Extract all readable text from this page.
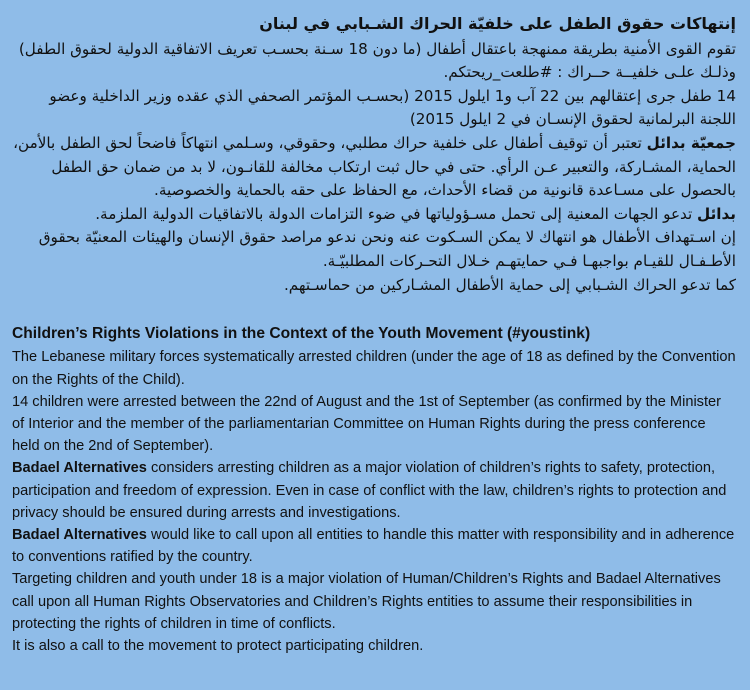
إنتهاكات حقوق الطفل على خلفيّة الحراك الشـبابي في لبنان

تقوم القوى الأمنية بطريقة ممنهجة باعتقال أطفال (ما دون 18 سـنة بحسـب تعريف الاتفاقية الدولية لحقوق الطفل) وذلـك علـى خلفيــة حــراك : #طلعت_ريحتكم.

14 طفل جرى إعتقالهم بين 22 آب و1 ايلول 2015 (بحسـب المؤتمر الصحفي الذي عقده وزير الداخلية وعضو اللجنة البرلمانية لحقوق الإنسـان في 2 ايلول 2015)

جمعيّة بدائل تعتبر أن توقيف أطفال على خلفية حراك مطلبي، وحقوقي، وسـلمي انتهاكاً فاضحاً لحق الطفل بالأمن، الحماية، المشـاركة، والتعبير عـن الرأي. حتى في حال ثبت ارتكاب مخالفة للقانـون، لا بد من ضمان حق الطفل بالحصول على مسـاعدة قانونية من قضاء الأحداث، مع الحفاظ على حقه بالحماية والخصوصية.

بدائل تدعو الجهات المعنية إلى تحمل مسـؤولياتها في ضوء التزامات الدولة بالاتفاقيات الدولية الملزمة.

إن اسـتهداف الأطفال هو انتهاك لا يمكن السـكوت عنه ونحن ندعو مراصد حقوق الإنسان والهيئات المعنيّة بحقوق الأطـفـال للقيـام بواجبهـا فـي حمايتهـم خـلال التحـركات المطلبيّـة.

كما تدعو الحراك الشـبابي إلى حماية الأطفال المشـاركين من حماسـتهم.

Children’s Rights Violations in the Context of the Youth Movement (#youstink)

The Lebanese military forces systematically arrested children (under the age of 18 as defined by the Convention on the Rights of the Child).

14 children were arrested between the 22nd of August and the 1st of September (as confirmed by the Minister of Interior and the member of the parliamentarian Committee on Human Rights during the press conference held on the 2nd of September).

Badael Alternatives considers arresting children as a major violation of children’s rights to safety, protection, participation and freedom of expression. Even in case of conflict with the law, children’s rights to protection and privacy should be ensured during arrests and investigations.

Badael Alternatives would like to call upon all entities to handle this matter with responsibility and in adherence to conventions ratified by the country.

Targeting children and youth under 18 is a major violation of Human/Children’s Rights and Badael Alternatives call upon all Human Rights Observatories and Children’s Rights entities to assume their responsibilities in protecting the rights of children in time of conflicts.

It is also a call to the movement to protect participating children.
